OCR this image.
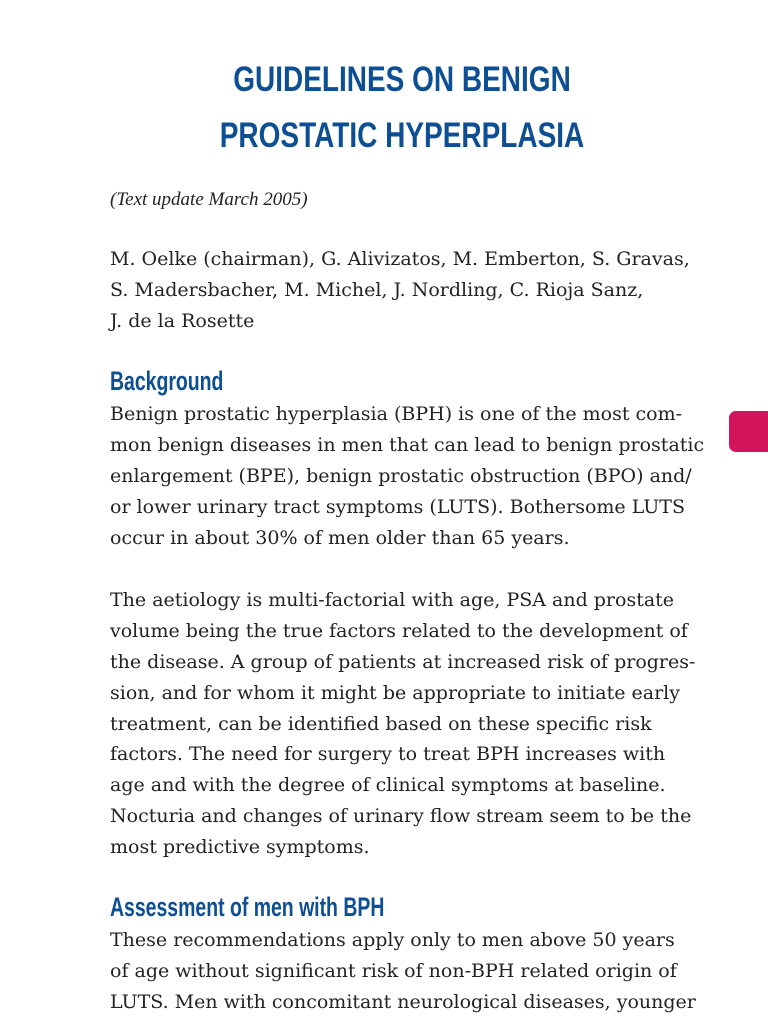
GUIDELINES ON BENIGN
PROSTATIC HYPERPLASIA
(Text update March 2005)
M. Oelke (chairman), G. Alivizatos, M. Emberton, S. Gravas,
S. Madersbacher, M. Michel, J. Nordling, C. Rioja Sanz,
J. de la Rosette
Background
Benign prostatic hyperplasia (BPH) is one of the most com-
mon benign diseases in men that can lead to benign prostatic
enlargement (BPE), benign prostatic obstruction (BPO) and/
or lower urinary tract symptoms (LUTS). Bothersome LUTS
occur in about 30% of men older than 65 years.
The aetiology is multi-factorial with age, PSA and prostate
volume being the true factors related to the development of
the disease. A group of patients at increased risk of progres-
sion, and for whom it might be appropriate to initiate early
treatment, can be identified based on these specific risk
factors. The need for surgery to treat BPH increases with
age and with the degree of clinical symptoms at baseline.
Nocturia and changes of urinary flow stream seem to be the
most predictive symptoms.
Assessment of men with BPH
These recommendations apply only to men above 50 years
of age without significant risk of non-BPH related origin of
LUTS. Men with concomitant neurological diseases, younger
